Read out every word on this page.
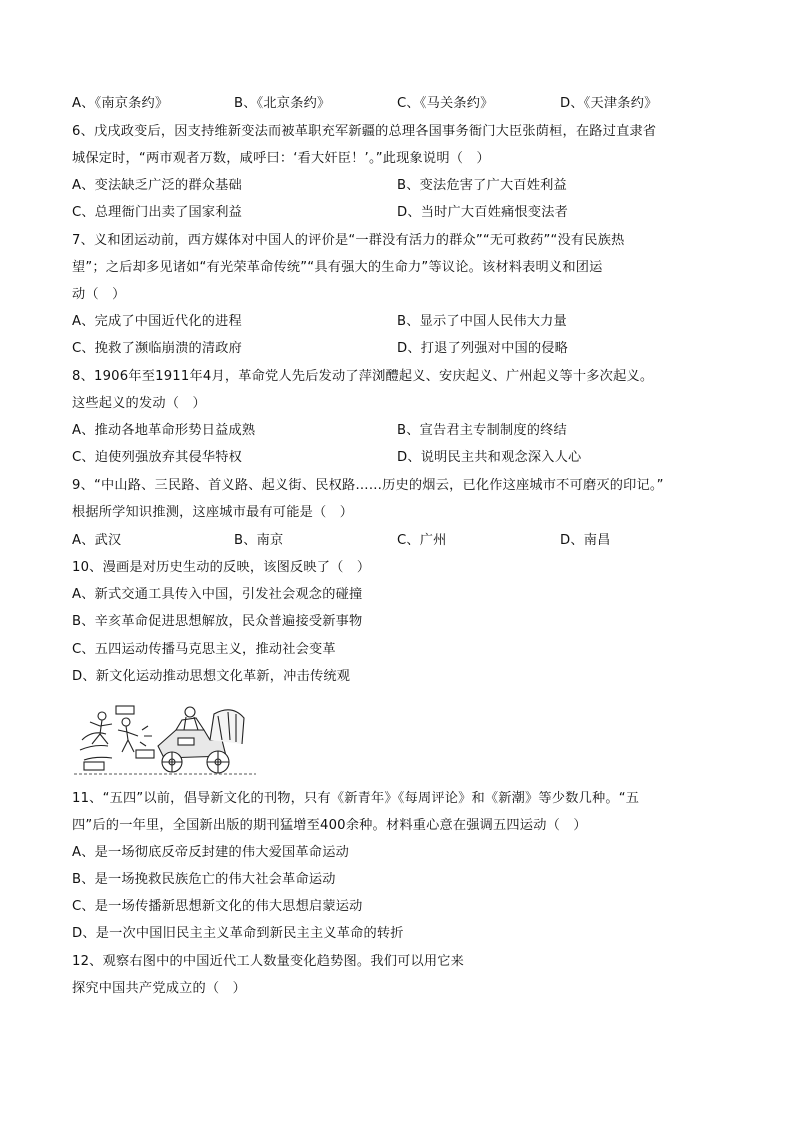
A、《南京条约》	B、《北京条约》	C、《马关条约》	D、《天津条约》
6、戊戌政变后，因支持维新变法而被革职充军新疆的总理各国事务衙门大臣张荫桓，在路过直隶省
城保定时，“两市观者万数，咸呼曰：‘看大奸臣！’。”此现象说明（　）
A、变法缺乏广泛的群众基础	B、变法危害了广大百姓利益
C、总理衙门出卖了国家利益	D、当时广大百姓痛恨变法者
7、义和团运动前，西方媒体对中国人的评价是“一群没有活力的群众”“无可救药”“没有民族热
望”；之后却多见诸如“有光荣革命传统”“具有强大的生命力”等议论。该材料表明义和团运
动（　）
A、完成了中国近代化的进程	B、显示了中国人民伟大力量
C、挽救了濒临崩溃的清政府	D、打退了列强对中国的侵略
8、1906年至1911年4月，革命党人先后发动了萍浏醴起义、安庆起义、广州起义等十多次起义。
这些起义的发动（　）
A、推动各地革命形势日益成熟	B、宣告君主专制制度的终结
C、迫使列强放弃其侵华特权	D、说明民主共和观念深入人心
9、“中山路、三民路、首义路、起义街、民权路……历史的烟云，已化作这座城市不可磨灭的印记。”
根据所学知识推测，这座城市最有可能是（　）
A、武汉	B、南京	C、广州	D、南昌
10、漫画是对历史生动的反映，该图反映了（　）
A、新式交通工具传入中国，引发社会观念的碰撞
B、辛亥革命促进思想解放，民众普遍接受新事物
C、五四运动传播马克思主义，推动社会变革
D、新文化运动推动思想文化革新，冲击传统观
11、“五四”以前，倡导新文化的刊物，只有《新青年》《每周评论》和《新潮》等少数几种。“五
四”后的一年里，全国新出版的期刊猛增至400余种。材料重心意在强调五四运动（　）
A、是一场彻底反帝反封建的伟大爱国革命运动
B、是一场挽救民族危亡的伟大社会革命运动
C、是一场传播新思想新文化的伟大思想启蒙运动
D、是一次中国旧民主主义革命到新民主主义革命的转折
12、观察右图中的中国近代工人数量变化趋势图。我们可以用它来
探究中国共产党成立的（　）
